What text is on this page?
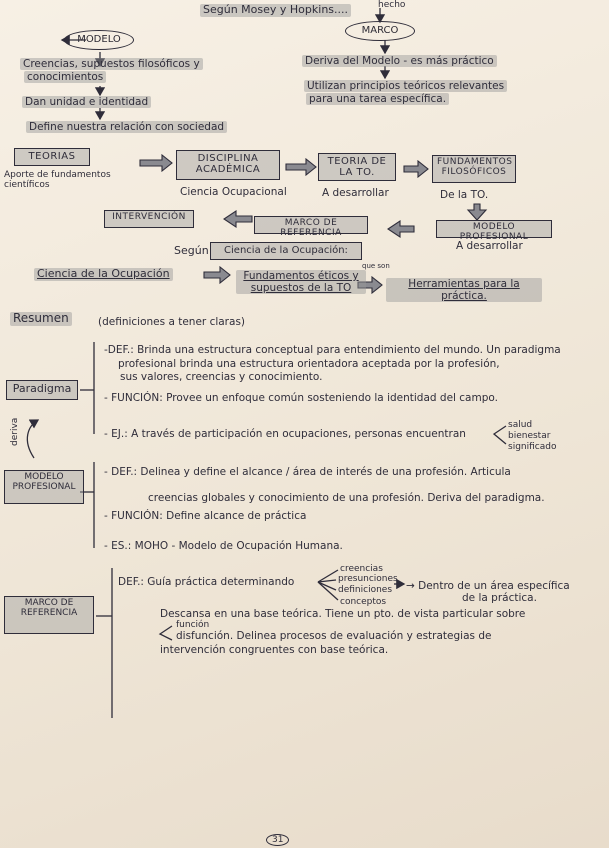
Según Mosey y Hopkins....	hecho
MODELO
Creencias, supuestos filosóficos y
conocimientos
Dan unidad e identidad
Define nuestra relación con sociedad
MARCO
Deriva del Modelo - es más práctico
Utilizan principios teóricos relevantes
para una tarea específica.
TEORIAS
Aporte de fundamentos científicos
DISCIPLINA ACADÉMICA
Ciencia Ocupacional
TEORIA DE LA TO.
A desarrollar
FUNDAMENTOS FILOSÓFICOS
De la TO.
INTERVENCIÓN
MARCO DE REFERENCIA
MODELO PROFESIONAL
A desarrollar
Según	Ciencia de la Ocupación:
Ciencia de la Ocupación	Fundamentos éticos y supuestos de la TO
que son
Herramientas para la práctica.
Resumen	(definiciones a tener claras)
Paradigma
deriva
-DEF.: Brinda una estructura conceptual para entendimiento del mundo. Un paradigma
profesional brinda una estructura orientadora aceptada por la profesión,
sus valores, creencias y conocimiento.
- FUNCIÓN: Provee un enfoque común sosteniendo la identidad del campo.
- EJ.: A través de participación en ocupaciones, personas encuentran
salud
bienestar
significado
MODELO PROFESIONAL
- DEF.: Delinea y define el alcance / área de interés de una profesión. Articula
creencias globales y conocimiento de una profesión. Deriva del paradigma.
- FUNCIÓN: Define alcance de práctica
- ES.: MOHO - Modelo de Ocupación Humana.
MARCO DE REFERENCIA
DEF.: Guía práctica determinando
creencias
presunciones
definiciones
conceptos
→ Dentro de un área específica
de la práctica.
Descansa en una base teórica. Tiene un pto. de vista particular sobre
función
disfunción. Delinea procesos de evaluación y estrategias de
intervención congruentes con base teórica.
31
